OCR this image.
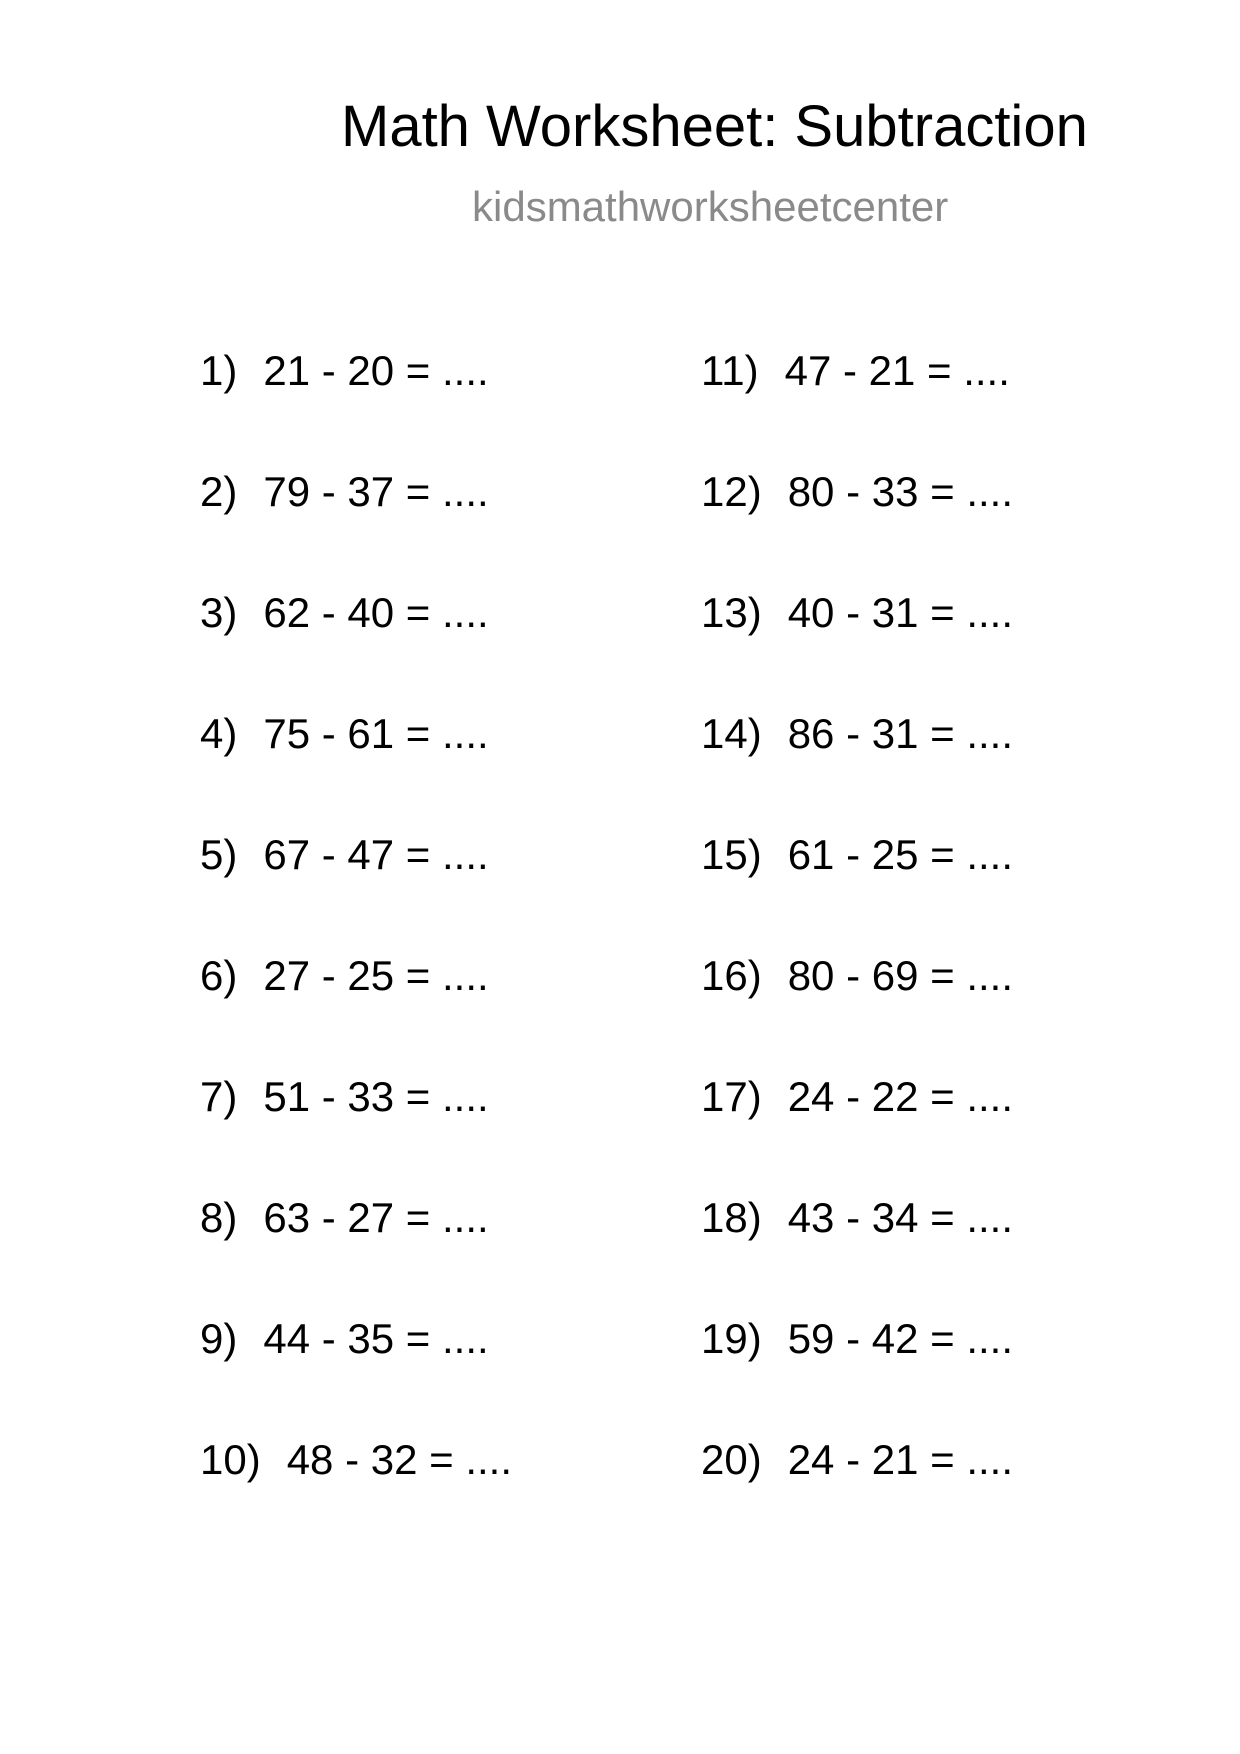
Math Worksheet: Subtraction
kidsmathworksheetcenter
1) 21 - 20 = ....
2) 79 - 37 = ....
3) 62 - 40 = ....
4) 75 - 61 = ....
5) 67 - 47 = ....
6) 27 - 25 = ....
7) 51 - 33 = ....
8) 63 - 27 = ....
9) 44 - 35 = ....
10) 48 - 32 = ....
11) 47 - 21 = ....
12) 80 - 33 = ....
13) 40 - 31 = ....
14) 86 - 31 = ....
15) 61 - 25 = ....
16) 80 - 69 = ....
17) 24 - 22 = ....
18) 43 - 34 = ....
19) 59 - 42 = ....
20) 24 - 21 = ....
